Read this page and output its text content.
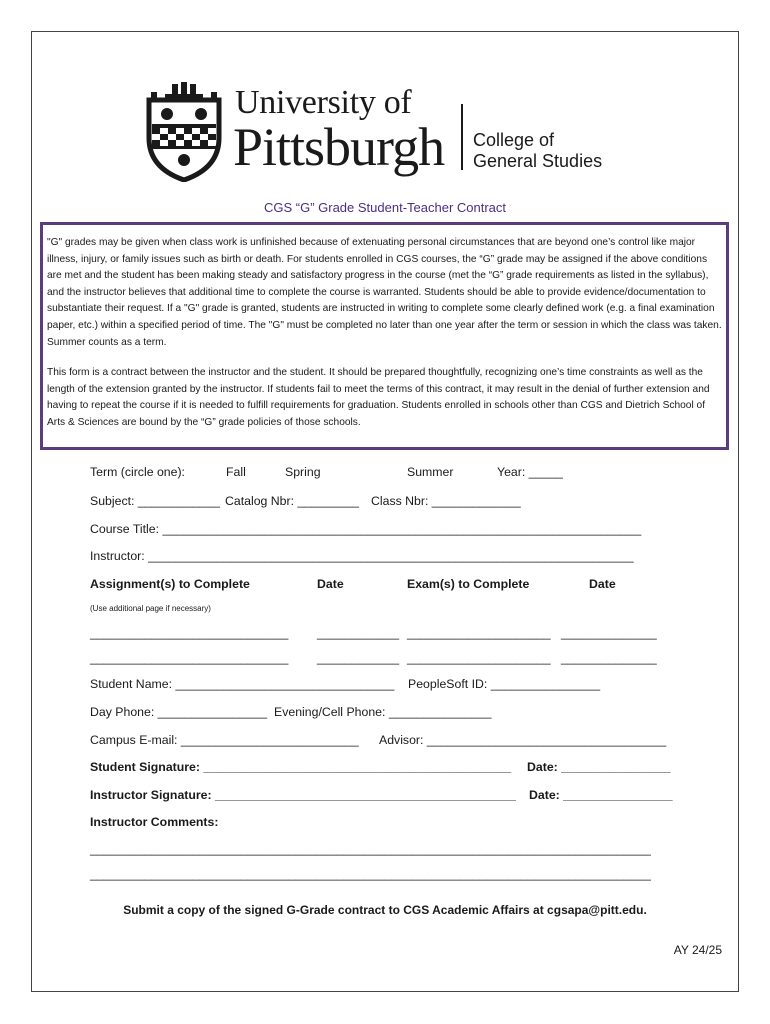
University of
Pittsburgh College of
General Studies
CGS “G” Grade Student-Teacher Contract

"G" grades may be given when class work is unfinished because of extenuating personal circumstances that are beyond one’s control like major illness, injury, or family issues such as birth or death. For students enrolled in CGS courses, the “G” grade may be assigned if the above conditions are met and the student has been making steady and satisfactory progress in the course (met the “G” grade requirements as listed in the syllabus), and the instructor believes that additional time to complete the course is warranted. Students should be able to provide evidence/documentation to substantiate their request. If a "G" grade is granted, students are instructed in writing to complete some clearly defined work (e.g. a final examination paper, etc.) within a specified period of time. The "G" must be completed no later than one year after the term or session in which the class was taken. Summer counts as a term.

This form is a contract between the instructor and the student. It should be prepared thoughtfully, recognizing one’s time constraints as well as the length of the extension granted by the instructor. If students fail to meet the terms of this contract, it may result in the denial of further extension and having to repeat the course if it is needed to fulfill requirements for graduation. Students enrolled in schools other than CGS and Dietrich School of Arts & Sciences are bound by the “G” grade policies of those schools.

Term (circle one):	Fall	Spring	Summer	Year: _____
Subject: ____________ Catalog Nbr: _________ Class Nbr: _____________
Course Title: ______________________________________________________________________
Instructor: _______________________________________________________________________
Assignment(s) to Complete	Date	Exam(s) to Complete	Date
(Use additional page if necessary)
_____________________________ ____________ _____________________ ______________
_____________________________ ____________ _____________________ ______________
Student Name: ________________________________ PeopleSoft ID: ________________
Day Phone: ________________ Evening/Cell Phone: _______________
Campus E-mail: __________________________ Advisor: ___________________________________
Student Signature: _____________________________________________ Date: ________________
Instructor Signature: ____________________________________________ Date: ________________
Instructor Comments:
__________________________________________________________________________________
__________________________________________________________________________________
Submit a copy of the signed G-Grade contract to CGS Academic Affairs at cgsapa@pitt.edu.
AY 24/25
